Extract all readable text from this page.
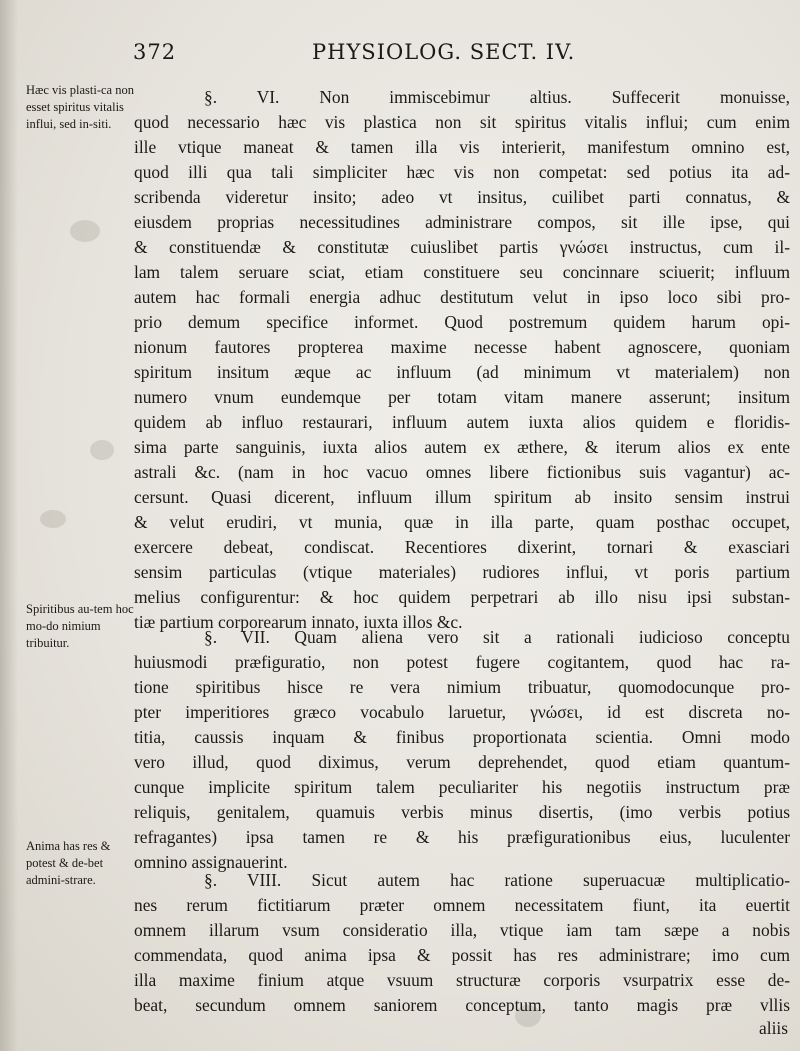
372	PHYSIOLOG. SECT. IV.
Hæc vis plasti-ca non esset spiritus vitalis influi, sed in-siti.
Spiritibus au-tem hoc mo-do nimium tribuitur.
Anima has res & potest & de-bet admini-strare.
§. VI. Non immiscebimur altius. Suffecerit monuisse,
quod necessario hæc vis plastica non sit spiritus vitalis influi; cum enim
ille vtique maneat & tamen illa vis interierit, manifestum omnino est,
quod illi qua tali simpliciter hæc vis non competat: sed potius ita ad-
scribenda videretur insito; adeo vt insitus, cuilibet parti connatus, &
eiusdem proprias necessitudines administrare compos, sit ille ipse, qui
& constituendæ & constitutæ cuiuslibet partis γνώσει instructus, cum il-
lam talem seruare sciat, etiam constituere seu concinnare sciuerit; influum
autem hac formali energia adhuc destitutum velut in ipso loco sibi pro-
prio demum specifice informet. Quod postremum quidem harum opi-
nionum fautores propterea maxime necesse habent agnoscere, quoniam
spiritum insitum æque ac influum (ad minimum vt materialem) non
numero vnum eundemque per totam vitam manere asserunt; insitum
quidem ab influo restaurari, influum autem iuxta alios quidem e floridis-
sima parte sanguinis, iuxta alios autem ex æthere, & iterum alios ex ente
astrali &c. (nam in hoc vacuo omnes libere fictionibus suis vagantur) ac-
cersunt. Quasi dicerent, influum illum spiritum ab insito sensim instrui
& velut erudiri, vt munia, quæ in illa parte, quam posthac occupet,
exercere debeat, condiscat. Recentiores dixerint, tornari & exasciari
sensim particulas (vtique materiales) rudiores influi, vt poris partium
melius configurentur: & hoc quidem perpetrari ab illo nisu ipsi substan-
tiæ partium corporearum innato, iuxta illos &c.
§. VII. Quam aliena vero sit a rationali iudicioso conceptu
huiusmodi præfiguratio, non potest fugere cogitantem, quod hac ra-
tione spiritibus hisce re vera nimium tribuatur, quomodocunque pro-
pter imperitiores græco vocabulo laruetur, γνώσει, id est discreta no-
titia, caussis inquam & finibus proportionata scientia. Omni modo
vero illud, quod diximus, verum deprehendet, quod etiam quantum-
cunque implicite spiritum talem peculiariter his negotiis instructum præ
reliquis, genitalem, quamuis verbis minus disertis, (imo verbis potius
refragantes) ipsa tamen re & his præfigurationibus eius, luculenter
omnino assignauerint.
§. VIII. Sicut autem hac ratione superuacuæ multiplicatio-
nes rerum fictitiarum præter omnem necessitatem fiunt, ita euertit
omnem illarum vsum consideratio illa, vtique iam tam sæpe a nobis
commendata, quod anima ipsa & possit has res administrare; imo cum
illa maxime finium atque vsuum structuræ corporis vsurpatrix esse de-
beat, secundum omnem saniorem conceptum, tanto magis præ vllis
aliis
